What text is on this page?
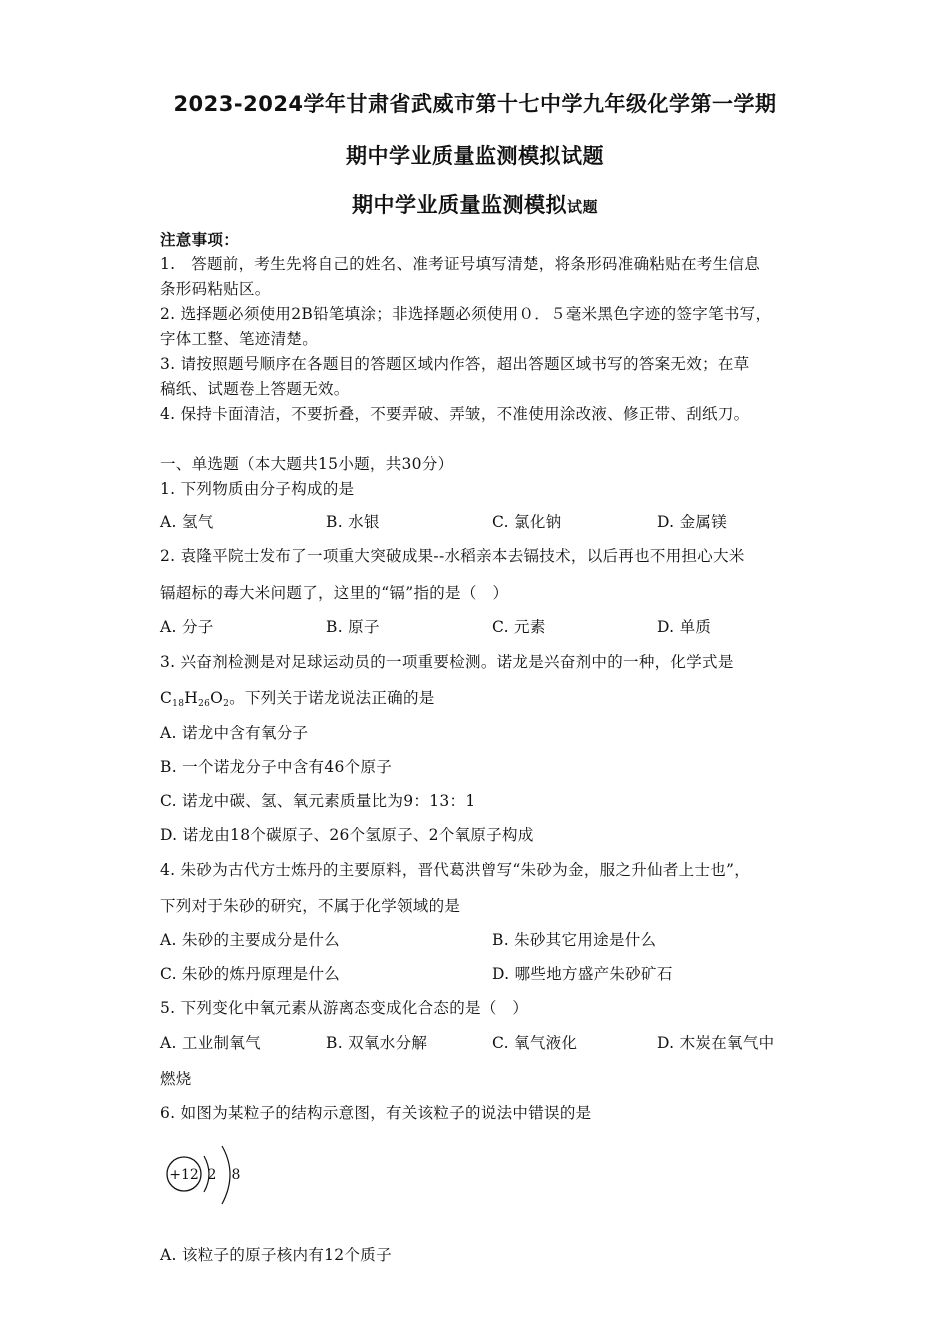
2023-2024学年甘肃省武威市第十七中学九年级化学第一学期
期中学业质量监测模拟试题
期中学业质量监测模拟试题
注意事项：
1.　答题前，考生先将自己的姓名、准考证号填写清楚，将条形码准确粘贴在考生信息
条形码粘贴区。
2. 选择题必须使用2B铅笔填涂；非选择题必须使用０．５毫米黑色字迹的签字笔书写，
字体工整、笔迹清楚。
3. 请按照题号顺序在各题目的答题区域内作答，超出答题区域书写的答案无效；在草
稿纸、试题卷上答题无效。
4. 保持卡面清洁，不要折叠，不要弄破、弄皱，不准使用涂改液、修正带、刮纸刀。
一、单选题（本大题共15小题，共30分）
1. 下列物质由分子构成的是
A. 氢气	B. 水银	C. 氯化钠	D. 金属镁
2. 袁隆平院士发布了一项重大突破成果--水稻亲本去镉技术，以后再也不用担心大米
镉超标的毒大米问题了，这里的“镉”指的是（　）
A. 分子	B. 原子	C. 元素	D. 单质
3. 兴奋剂检测是对足球运动员的一项重要检测。诺龙是兴奋剂中的一种，化学式是
$C_{18}H_{26}O_2$。下列关于诺龙说法正确的是
A. 诺龙中含有氧分子
B. 一个诺龙分子中含有46个原子
C. 诺龙中碳、氢、氧元素质量比为9：13：1
D. 诺龙由18个碳原子、26个氢原子、2个氧原子构成
4. 朱砂为古代方士炼丹的主要原料，晋代葛洪曾写“朱砂为金，服之升仙者上士也”，
下列对于朱砂的研究，不属于化学领域的是
A. 朱砂的主要成分是什么	B. 朱砂其它用途是什么
C. 朱砂的炼丹原理是什么	D. 哪些地方盛产朱砂矿石
5. 下列变化中氧元素从游离态变成化合态的是（　）
A. 工业制氧气	B. 双氧水分解	C. 氧气液化	D. 木炭在氧气中
燃烧
6. 如图为某粒子的结构示意图，有关该粒子的说法中错误的是
+12 2 8
A. 该粒子的原子核内有12个质子
